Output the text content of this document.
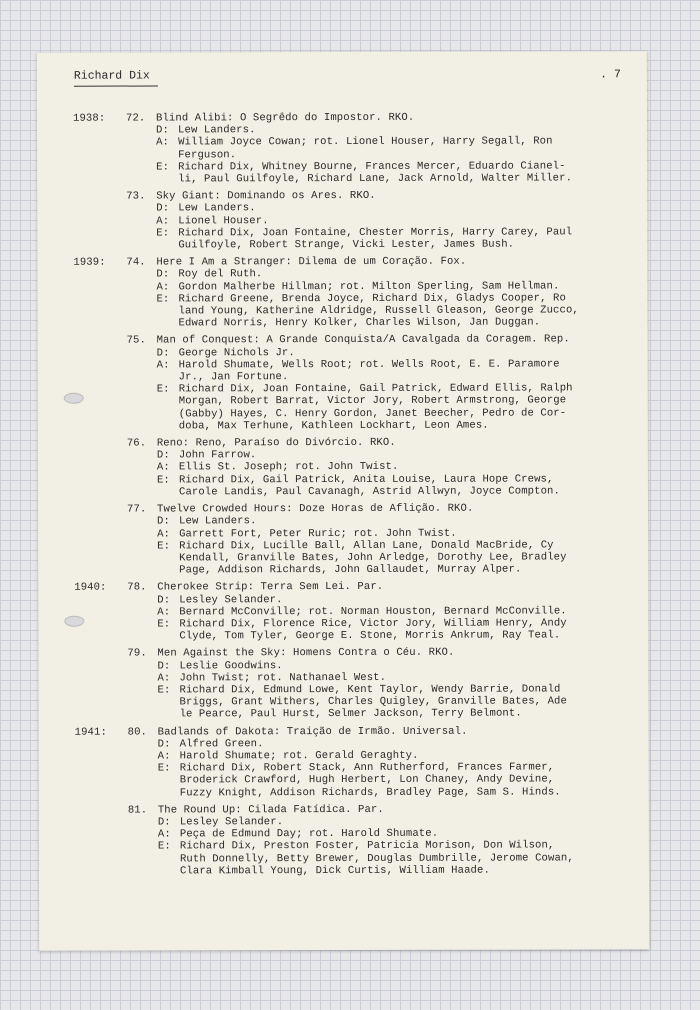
Richard Dix	. 7
1938:	72. Blind Alibi: O Segrêdo do Impostor. RKO.
D: Lew Landers.
A: William Joyce Cowan; rot. Lionel Houser, Harry Segall, Ron
Ferguson.
E: Richard Dix, Whitney Bourne, Frances Mercer, Eduardo Cianel-
li, Paul Guilfoyle, Richard Lane, Jack Arnold, Walter Miller.
73. Sky Giant: Dominando os Ares. RKO.
D: Lew Landers.
A: Lionel Houser.
E: Richard Dix, Joan Fontaine, Chester Morris, Harry Carey, Paul
Guilfoyle, Robert Strange, Vicki Lester, James Bush.
1939:	74. Here I Am a Stranger: Dilema de um Coração. Fox.
D: Roy del Ruth.
A: Gordon Malherbe Hillman; rot. Milton Sperling, Sam Hellman.
E: Richard Greene, Brenda Joyce, Richard Dix, Gladys Cooper, Ro
land Young, Katherine Aldridge, Russell Gleason, George Zucco,
Edward Norris, Henry Kolker, Charles Wilson, Jan Duggan.
75. Man of Conquest: A Grande Conquista/A Cavalgada da Coragem. Rep.
D: George Nichols Jr.
A: Harold Shumate, Wells Root; rot. Wells Root, E. E. Paramore
Jr., Jan Fortune.
E: Richard Dix, Joan Fontaine, Gail Patrick, Edward Ellis, Ralph
Morgan, Robert Barrat, Victor Jory, Robert Armstrong, George
(Gabby) Hayes, C. Henry Gordon, Janet Beecher, Pedro de Cor-
doba, Max Terhune, Kathleen Lockhart, Leon Ames.
76. Reno: Reno, Paraíso do Divórcio. RKO.
D: John Farrow.
A: Ellis St. Joseph; rot. John Twist.
E: Richard Dix, Gail Patrick, Anita Louise, Laura Hope Crews,
Carole Landis, Paul Cavanagh, Astrid Allwyn, Joyce Compton.
77. Twelve Crowded Hours: Doze Horas de Aflição. RKO.
D: Lew Landers.
A: Garrett Fort, Peter Ruric; rot. John Twist.
E: Richard Dix, Lucille Ball, Allan Lane, Donald MacBride, Cy
Kendall, Granville Bates, John Arledge, Dorothy Lee, Bradley
Page, Addison Richards, John Gallaudet, Murray Alper.
1940:	78. Cherokee Strip: Terra Sem Lei. Par.
D: Lesley Selander.
A: Bernard McConville; rot. Norman Houston, Bernard McConville.
E: Richard Dix, Florence Rice, Victor Jory, William Henry, Andy
Clyde, Tom Tyler, George E. Stone, Morris Ankrum, Ray Teal.
79. Men Against the Sky: Homens Contra o Céu. RKO.
D: Leslie Goodwins.
A: John Twist; rot. Nathanael West.
E: Richard Dix, Edmund Lowe, Kent Taylor, Wendy Barrie, Donald
Briggs, Grant Withers, Charles Quigley, Granville Bates, Ade
le Pearce, Paul Hurst, Selmer Jackson, Terry Belmont.
1941:	80. Badlands of Dakota: Traição de Irmão. Universal.
D: Alfred Green.
A: Harold Shumate; rot. Gerald Geraghty.
E: Richard Dix, Robert Stack, Ann Rutherford, Frances Farmer,
Broderick Crawford, Hugh Herbert, Lon Chaney, Andy Devine,
Fuzzy Knight, Addison Richards, Bradley Page, Sam S. Hinds.
81. The Round Up: Cilada Fatídica. Par.
D: Lesley Selander.
A: Peça de Edmund Day; rot. Harold Shumate.
E: Richard Dix, Preston Foster, Patricia Morison, Don Wilson,
Ruth Donnelly, Betty Brewer, Douglas Dumbrille, Jerome Cowan,
Clara Kimball Young, Dick Curtis, William Haade.
